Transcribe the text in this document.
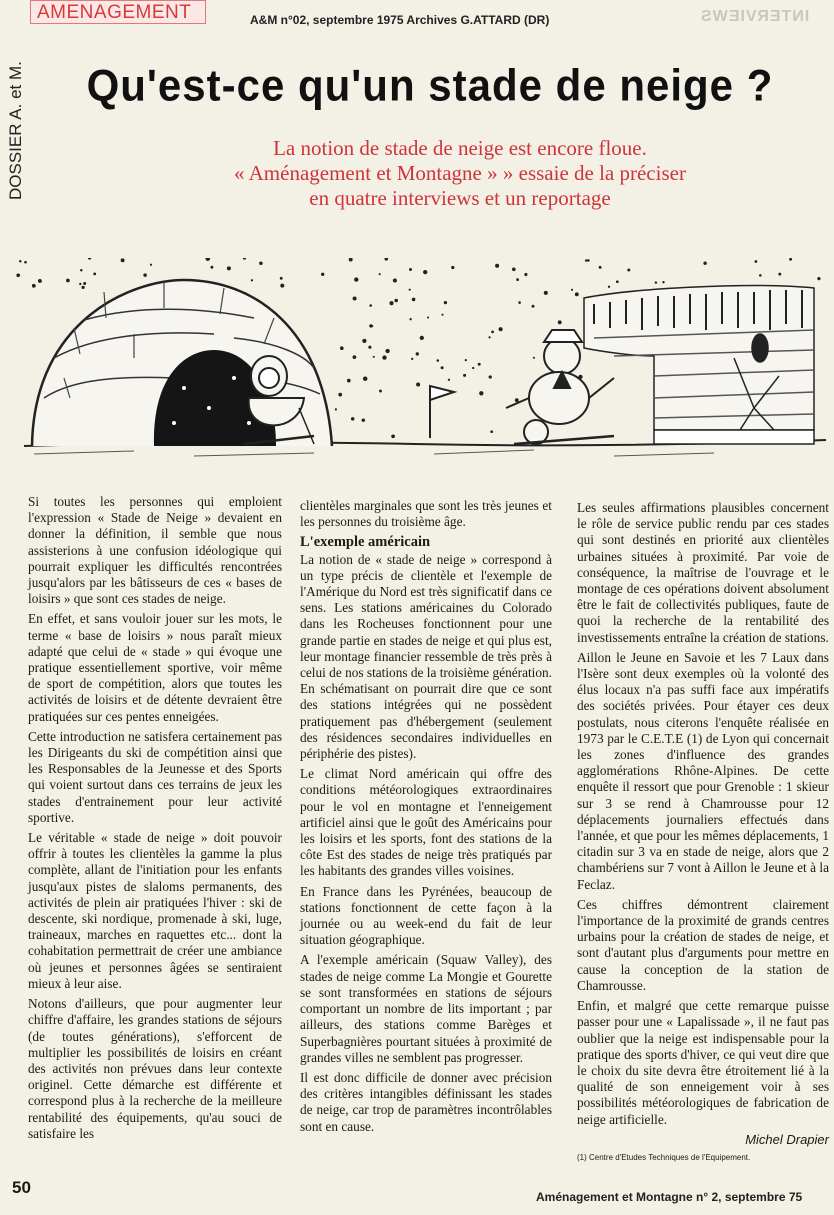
AMENAGEMENT	A&M n°02, septembre 1975 Archives G.ATTARD (DR)	INTERVIEWS
DOSSIER A. et M.	Qu'est-ce qu'un stade de neige ?
La notion de stade de neige est encore floue.
« Aménagement et Montagne » » essaie de la préciser
en quatre interviews et un reportage

Si toutes les personnes qui emploient l'expression « Stade de Neige » devaient en donner la définition, il semble que nous assisterions à une confusion idéologique qui pourrait expliquer les difficultés rencontrées jusqu'alors par les bâtisseurs de ces « bases de loisirs » que sont ces stades de neige.

En effet, et sans vouloir jouer sur les mots, le terme « base de loisirs » nous paraît mieux adapté que celui de « stade » qui évoque une pratique essentiellement sportive, voir même de sport de compétition, alors que toutes les activités de loisirs et de détente devraient être pratiquées sur ces pentes enneigées.

Cette introduction ne satisfera certainement pas les Dirigeants du ski de compétition ainsi que les Responsables de la Jeunesse et des Sports qui voient surtout dans ces terrains de jeux les stades d'entrainement pour leur activité sportive.

Le véritable « stade de neige » doit pouvoir offrir à toutes les clientèles la gamme la plus complète, allant de l'initiation pour les enfants jusqu'aux pistes de slaloms permanents, des activités de plein air pratiquées l'hiver : ski de descente, ski nordique, promenade à ski, luge, traineaux, marches en raquettes etc... dont la cohabitation permettrait de créer une ambiance où jeunes et personnes âgées se sentiraient mieux à leur aise.

Notons d'ailleurs, que pour augmenter leur chiffre d'affaire, les grandes stations de séjours (de toutes générations), s'efforcent de multiplier les possibilités de loisirs en créant des activités non prévues dans leur contexte originel. Cette démarche est différente et correspond plus à la recherche de la meilleure rentabilité des équipements, qu'au souci de satisfaire les

clientèles marginales que sont les très jeunes et les personnes du troisième âge.

L'exemple américain

La notion de « stade de neige » correspond à un type précis de clientèle et l'exemple de l'Amérique du Nord est très significatif dans ce sens. Les stations américaines du Colorado dans les Rocheuses fonctionnent pour une grande partie en stades de neige et qui plus est, leur montage financier ressemble de très près à celui de nos stations de la troisième génération. En schématisant on pourrait dire que ce sont des stations intégrées qui ne possèdent pratiquement pas d'hébergement (seulement des résidences secondaires individuelles en périphérie des pistes).

Le climat Nord américain qui offre des conditions météorologiques extraordinaires pour le vol en montagne et l'enneigement artificiel ainsi que le goût des Américains pour les loisirs et les sports, font des stations de la côte Est des stades de neige très pratiqués par les habitants des grandes villes voisines.

En France dans les Pyrénées, beaucoup de stations fonctionnent de cette façon à la journée ou au week-end du fait de leur situation géographique.

A l'exemple américain (Squaw Valley), des stades de neige comme La Mongie et Gourette se sont transformées en stations de séjours comportant un nombre de lits important ; par ailleurs, des stations comme Barèges et Superbagnières pourtant situées à proximité de grandes villes ne semblent pas progresser.

Il est donc difficile de donner avec précision des critères intangibles définissant les stades de neige, car trop de paramètres incontrôlables sont en cause.

Les seules affirmations plausibles concernent le rôle de service public rendu par ces stades qui sont destinés en priorité aux clientèles urbaines situées à proximité. Par voie de conséquence, la maîtrise de l'ouvrage et le montage de ces opérations doivent absolument être le fait de collectivités publiques, faute de quoi la recherche de la rentabilité des investissements entraîne la création de stations.

Aillon le Jeune en Savoie et les 7 Laux dans l'Isère sont deux exemples où la volonté des élus locaux n'a pas suffi face aux impératifs des sociétés privées. Pour étayer ces deux postulats, nous citerons l'enquête réalisée en 1973 par le C.E.T.E (1) de Lyon qui concernait les zones d'influence des grandes agglomérations Rhône-Alpines. De cette enquête il ressort que pour Grenoble : 1 skieur sur 3 se rend à Chamrousse pour 12 déplacements journaliers effectués dans l'année, et que pour les mêmes déplacements, 1 citadin sur 3 va en stade de neige, alors que 2 chambériens sur 7 vont à Aillon le Jeune et à la Feclaz.

Ces chiffres démontrent clairement l'importance de la proximité de grands centres urbains pour la création de stades de neige, et sont d'autant plus d'arguments pour mettre en cause la conception de la station de Chamrousse.

Enfin, et malgré que cette remarque puisse passer pour une « Lapalissade », il ne faut pas oublier que la neige est indispensable pour la pratique des sports d'hiver, ce qui veut dire que le choix du site devra être étroitement lié à la qualité de son enneigement voir à ses possibilités météorologiques de fabrication de neige artificielle.

Michel Drapier
(1) Centre d'Etudes Techniques de l'Equipement.
50	Aménagement et Montagne n° 2, septembre 75
